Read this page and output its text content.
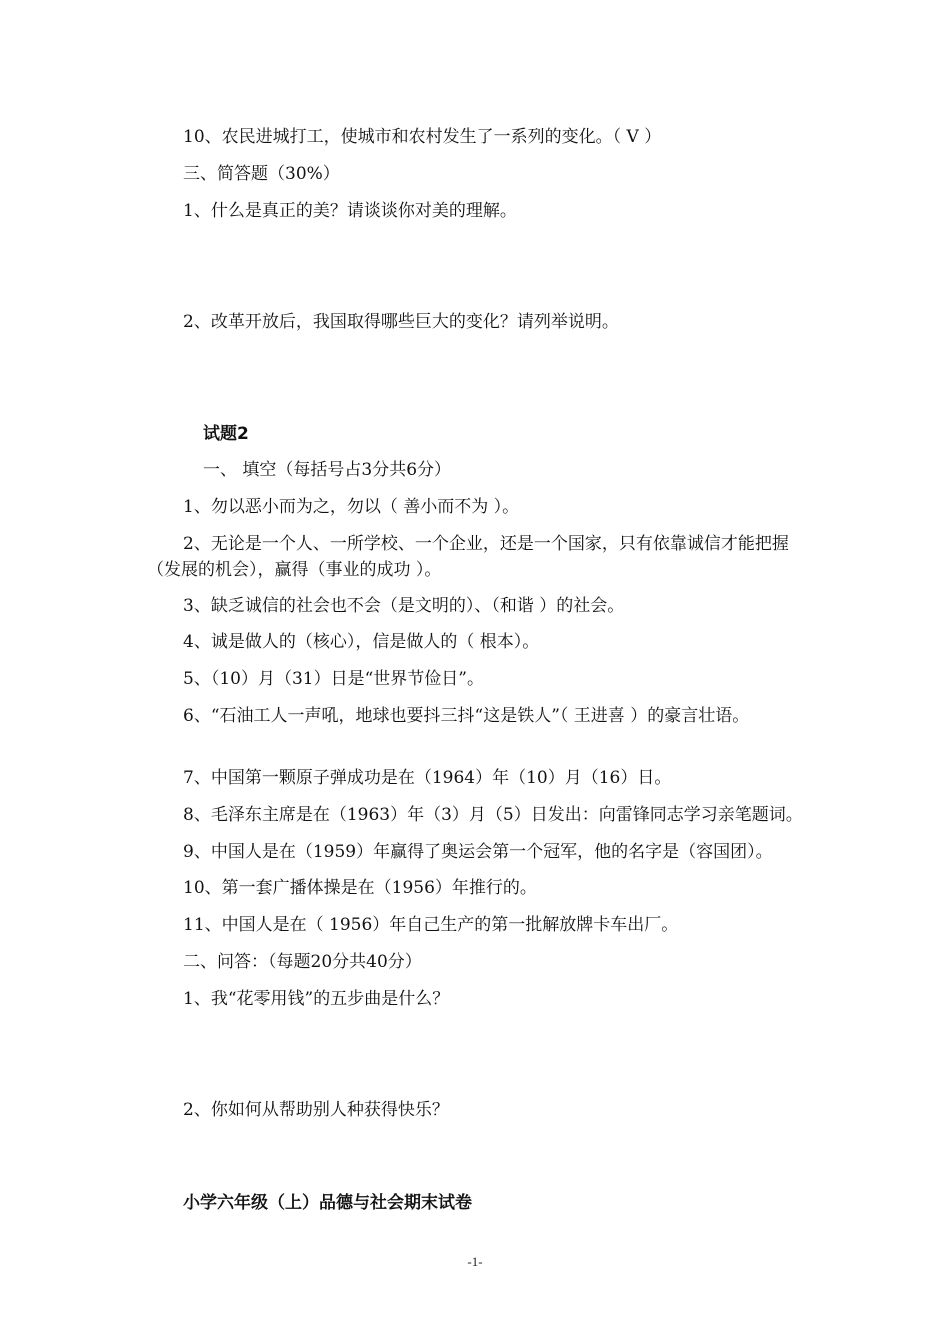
10、农民进城打工，使城市和农村发生了一系列的变化。（ V ）
三、简答题（30%）
1、什么是真正的美？请谈谈你对美的理解。
2、改革开放后，我国取得哪些巨大的变化？请列举说明。
试题2
一、 填空（每括号占3分共6分）
1、勿以恶小而为之，勿以（ 善小而不为 ）。
2、无论是一个人、一所学校、一个企业，还是一个国家，只有依靠诚信才能把握（发展的机会），赢得（事业的成功 ）。
3、缺乏诚信的社会也不会（是文明的）、（和谐 ）的社会。
4、诚是做人的（核心），信是做人的（ 根本）。
5、（10）月（31）日是“世界节俭日”。
6、“石油工人一声吼，地球也要抖三抖“这是铁人”（ 王进喜 ）的豪言壮语。
7、中国第一颗原子弹成功是在（1964）年（10）月（16）日。
8、毛泽东主席是在（1963）年（3）月（5）日发出：向雷锋同志学习亲笔题词。
9、中国人是在（1959）年赢得了奥运会第一个冠军，他的名字是（容国团）。
10、第一套广播体操是在（1956）年推行的。
11、中国人是在（ 1956）年自己生产的第一批解放牌卡车出厂。
二、问答：（每题20分共40分）
1、我“花零用钱”的五步曲是什么？
2、你如何从帮助别人种获得快乐？
小学六年级（上）品德与社会期末试卷
-1-
